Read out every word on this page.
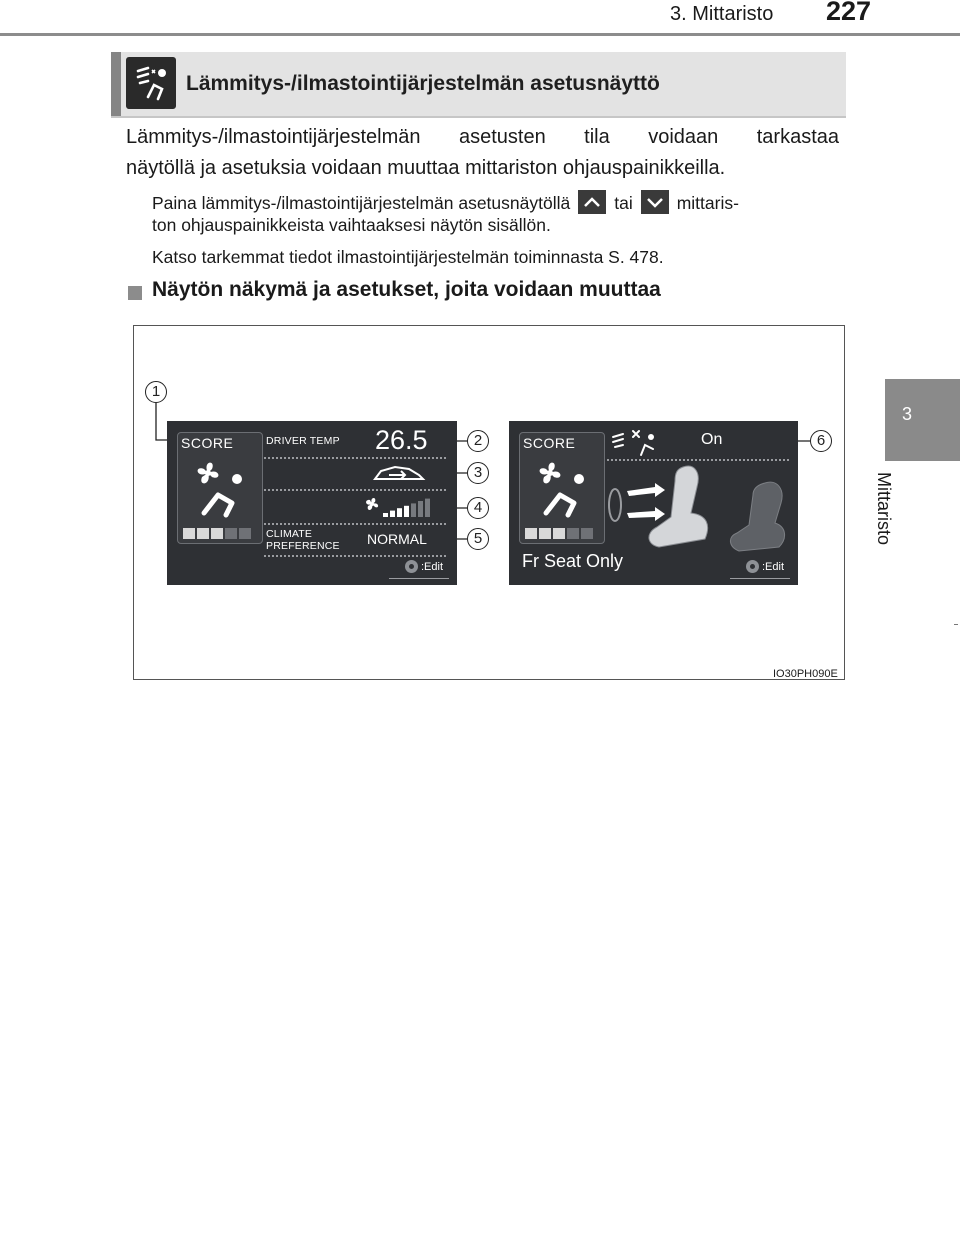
3. Mittaristo 227
3
Mittaristo
Lämmitys-/ilmastointijärjestelmän asetusnäyttö
Lämmitys-/ilmastointijärjestelmän asetusten tila voidaan tarkastaa
näytöllä ja asetuksia voidaan muuttaa mittariston ohjauspainikkeilla.
Paina lämmitys-/ilmastointijärjestelmän asetusnäytöllä	tai	mittaris-
ton ohjauspainikkeista vaihtaaksesi näytön sisällön.
Katso tarkemmat tiedot ilmastointijärjestelmän toiminnasta S. 478.
Näytön näkymä ja asetukset, joita voidaan muuttaa
IO30PH090E
SCORE	DRIVER TEMP 26.5
CLIMATE
PREFERENCE NORMAL
:Edit
SCORE	On
Fr Seat Only	:Edit
1
2
3
4
5
6
